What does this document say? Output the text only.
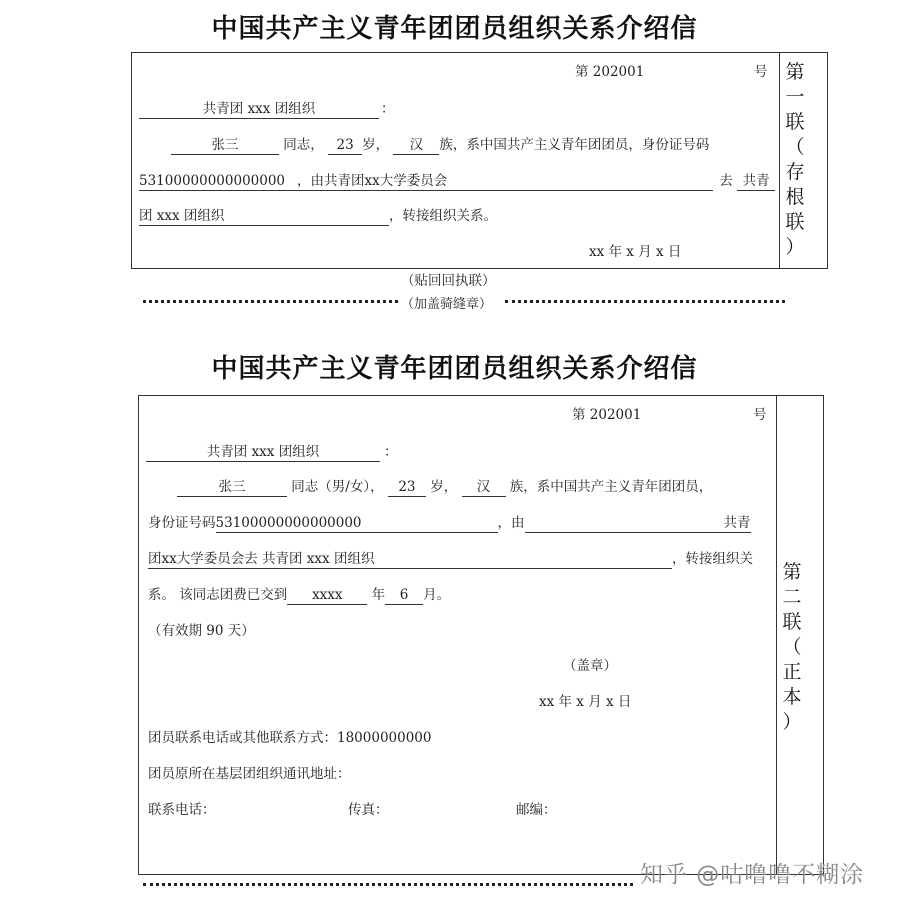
中国共产主义青年团团员组织关系介绍信
第 202001	号
共青团 xxx 团组织	：
张三	同志， 23 岁， 汉 族，系中国共产主义青年团团员，身份证号码
53100000000000000 ，由共青团xx大学委员会	去 共青
团 xxx 团组织	，转接组织关系。
xx 年 x 月 x 日
第
一
联
（
存
根
联
）
（贴回回执联）
（加盖骑缝章）
中国共产主义青年团团员组织关系介绍信
第 202001	号
共青团 xxx 团组织	：
张三	同志（男/女）， 23 岁， 汉 族，系中国共产主义青年团团员，
身份证号码53100000000000000	，由	共青
团xx大学委员会去 共青团 xxx 团组织	，转接组织关
系。 该同志团费已交到 xxxx 年 6 月。
（有效期 90 天）
（盖章）
xx 年 x 月 x 日
团员联系电话或其他联系方式：18000000000
团员原所在基层团组织通讯地址：
联系电话：	传真：	邮编：
第
二
联
（
正
本
）
知乎 @咕噜噜不糊涂
